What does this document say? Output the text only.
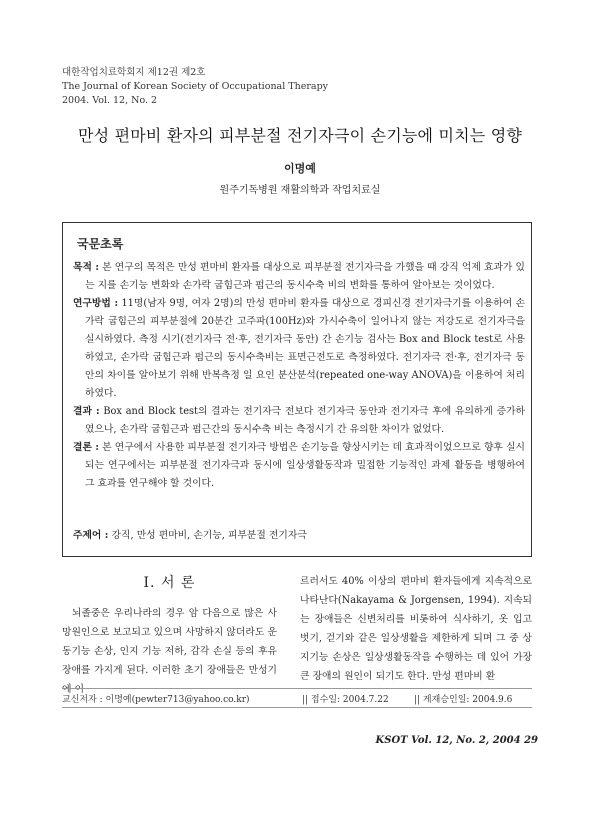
대한작업치료학회지 제12권 제2호
The Journal of Korean Society of Occupational Therapy
2004. Vol. 12, No. 2
만성 편마비 환자의 피부분절 전기자극이 손기능에 미치는 영향
이명예
원주기독병원 재활의학과 작업치료실
국문초록

목적 : 본 연구의 목적은 만성 편마비 환자를 대상으로 피부분절 전기자극을 가했을 때 강직 억제 효과가 있는 지를 손기능 변화와 손가락 굽힘근과 펌근의 동시수축 비의 변화를 통하여 알아보는 것이었다.

연구방법 : 11명(남자 9명, 여자 2명)의 만성 편마비 환자를 대상으로 경피신경 전기자극기를 이용하여 손가락 굽힘근의 피부분절에 20분간 고주파(100Hz)와 가시수축이 일어나지 않는 저강도로 전기자극을 실시하였다. 측정 시기(전기자극 전·후, 전기자극 동안) 간 손기능 검사는 Box and Block test로 사용하였고, 손가락 굽힘근과 펌근의 동시수축비는 표면근전도로 측정하였다. 전기자극 전·후, 전기자극 동안의 차이를 알아보기 위해 반복측정 일 요인 분산분석(repeated one-way ANOVA)을 이용하여 처리하였다.

결과 : Box and Block test의 결과는 전기자극 전보다 전기자극 동안과 전기자극 후에 유의하게 증가하였으나, 손가락 굽힘근과 펌근간의 동시수축 비는 측정시기 간 유의한 차이가 없었다.

결론 : 본 연구에서 사용한 피부분절 전기자극 방법은 손기능을 향상시키는 데 효과적이었으므로 향후 실시되는 연구에서는 피부분절 전기자극과 동시에 일상생활동작과 밀접한 기능적인 과제 활동을 병행하여 그 효과를 연구해야 할 것이다.

주제어 : 강직, 만성 편마비, 손기능, 피부분절 전기자극
Ⅰ. 서 론

뇌졸중은 우리나라의 경우 암 다음으로 많은 사망원인으로 보고되고 있으며 사망하지 않더라도 운동기능 손상, 인지 기능 저하, 감각 손실 등의 후유 장애를 가지게 된다. 이러한 초기 장애들은 만성기에 이

르러서도 40% 이상의 편마비 환자들에게 지속적으로 나타난다(Nakayama & Jorgensen, 1994). 지속되는 장애들은 신변처리를 비롯하여 식사하기, 옷 입고 벗기, 걷기와 같은 일상생활을 제한하게 되며 그 중 상지기능 손상은 일상생활동작을 수행하는 데 있어 가장 큰 장애의 원인이 되기도 한다. 만성 편마비 환

교신저자 : 이명예(pewter713@yahoo.co.kr)	|| 접수일: 2004.7.22	|| 게재승인일: 2004.9.6
KSOT Vol. 12, No. 2, 2004 29
